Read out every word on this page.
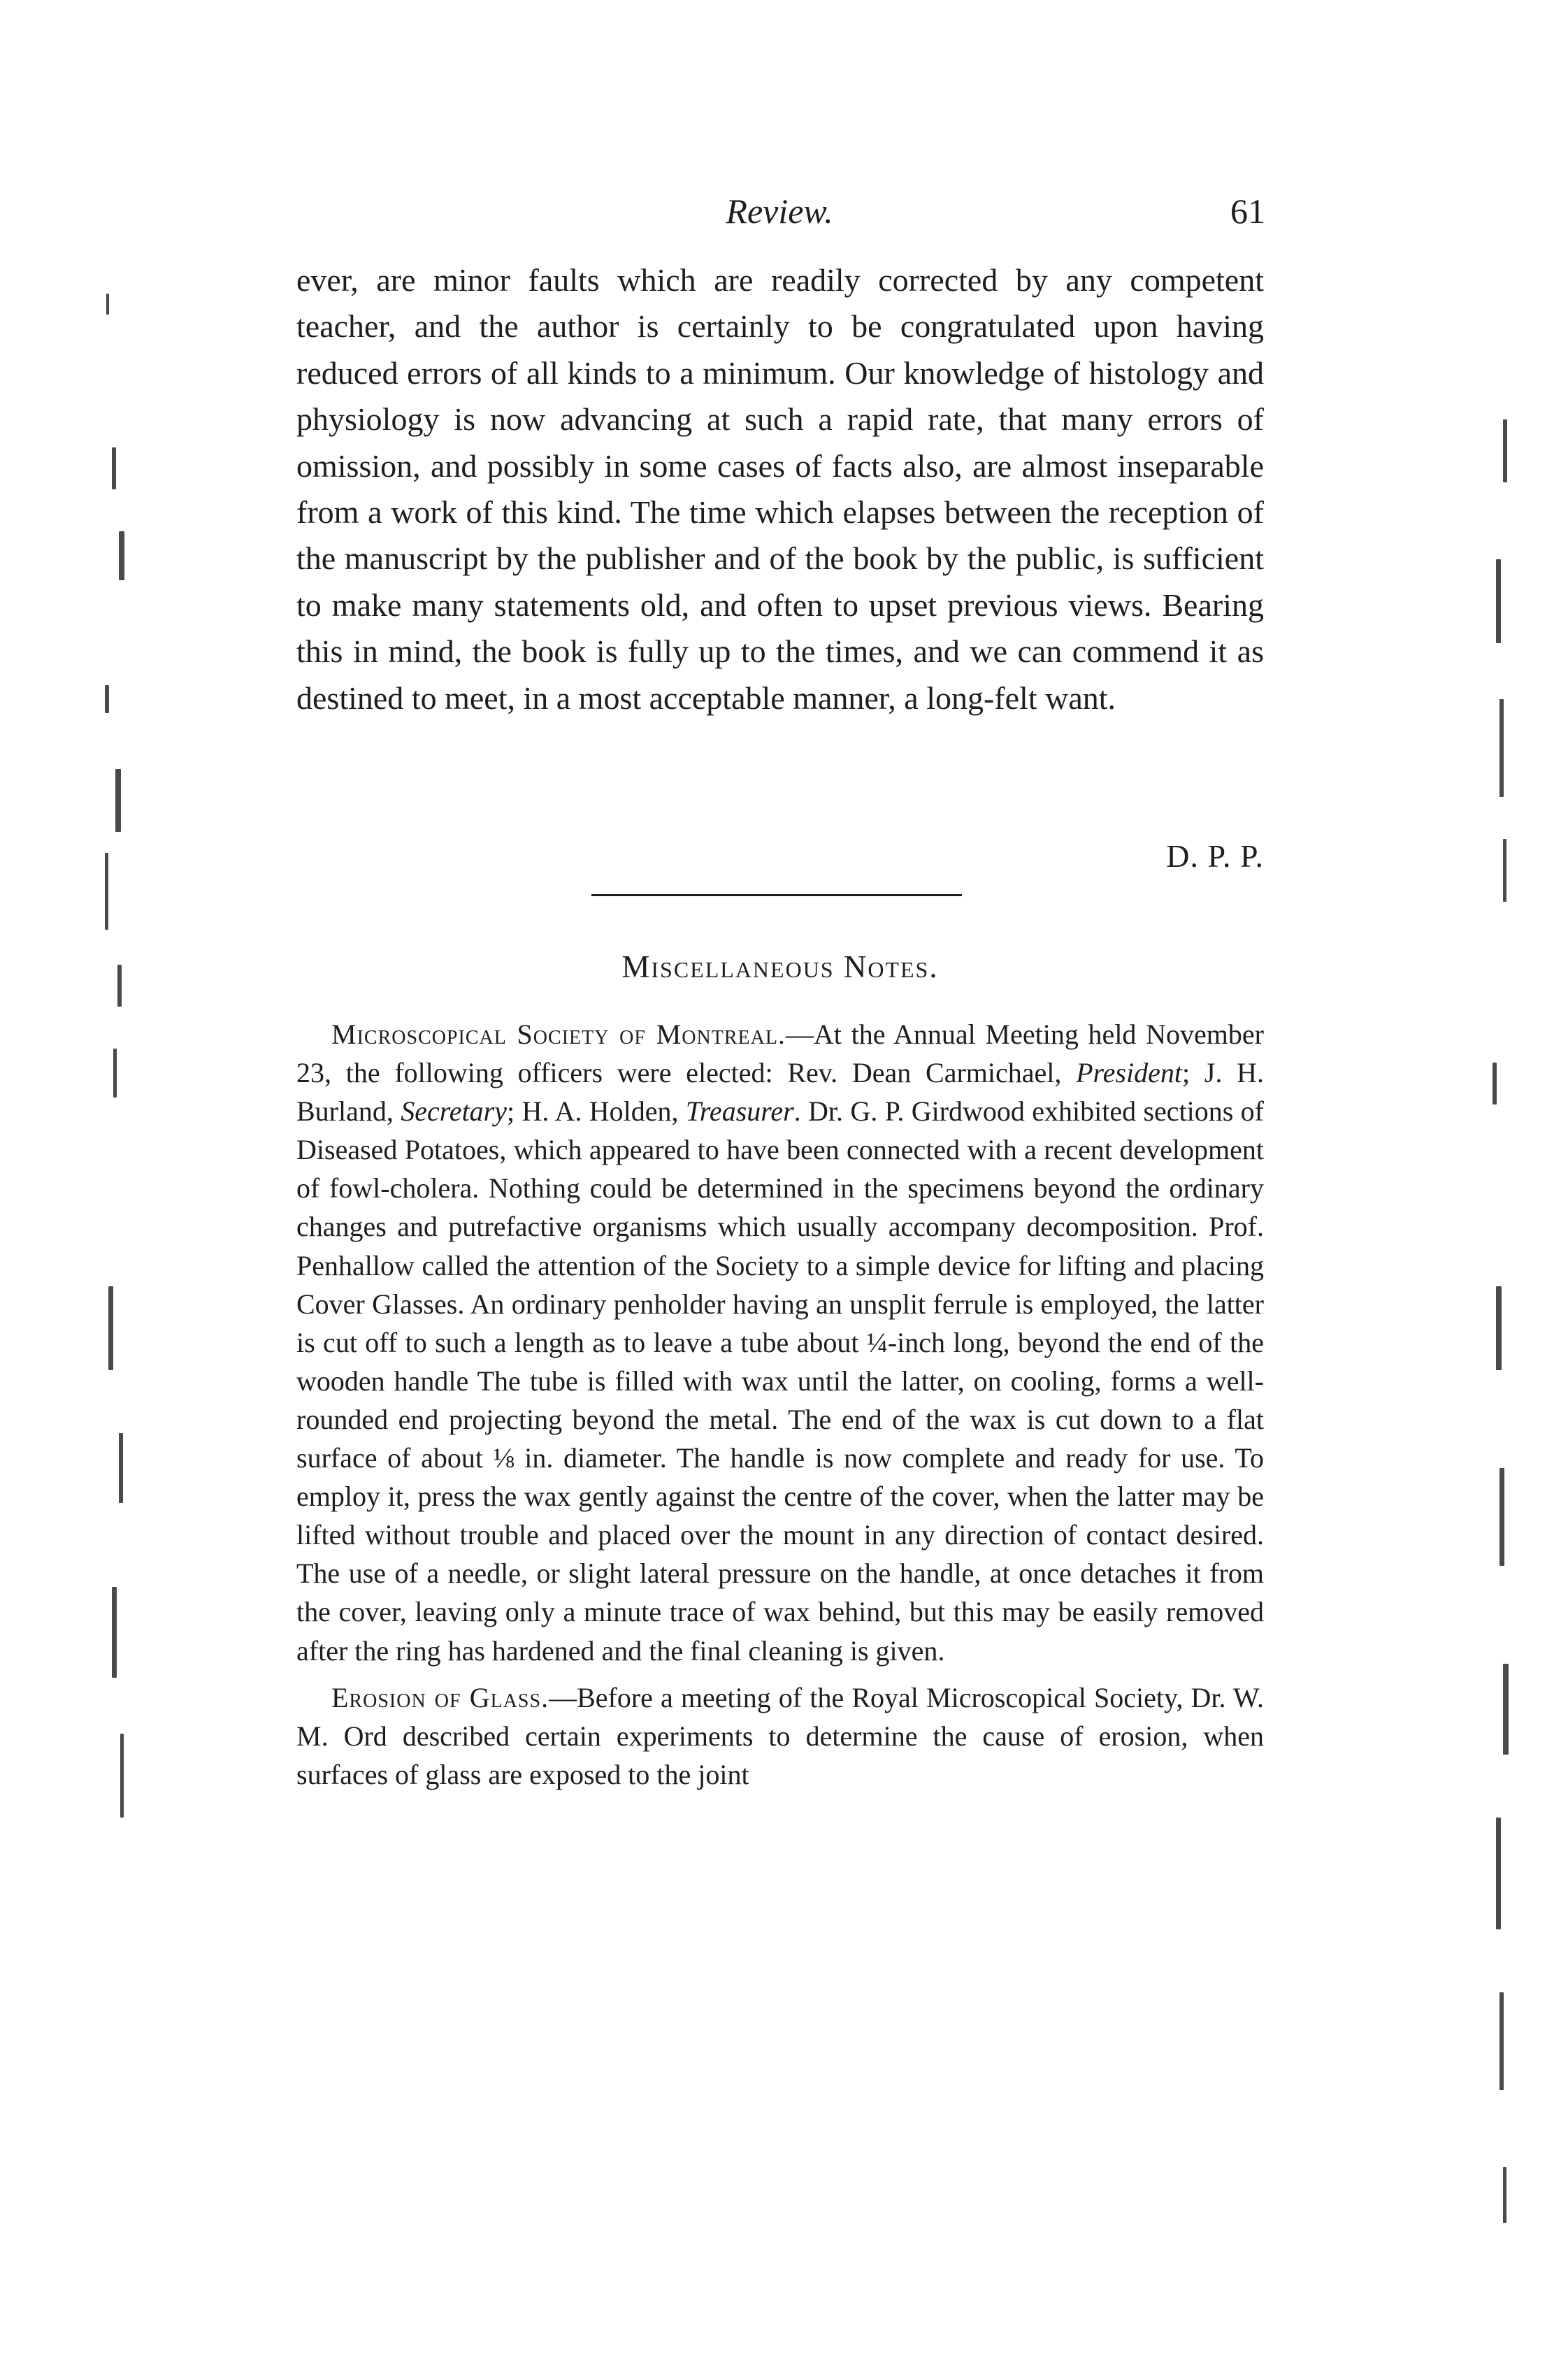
Review.	61

ever, are minor faults which are readily corrected by any competent teacher, and the author is certainly to be congratulated upon having reduced errors of all kinds to a minimum. Our knowledge of histology and physiology is now advancing at such a rapid rate, that many errors of omission, and possibly in some cases of facts also, are almost inseparable from a work of this kind. The time which elapses between the reception of the manuscript by the publisher and of the book by the public, is sufficient to make many statements old, and often to upset previous views. Bearing this in mind, the book is fully up to the times, and we can commend it as destined to meet, in a most acceptable manner, a long-felt want.

D. P. P.
Miscellaneous Notes.

Microscopical Society of Montreal.—At the Annual Meeting held November 23, the following officers were elected: Rev. Dean Carmichael, President; J. H. Burland, Secretary; H. A. Holden, Treasurer. Dr. G. P. Girdwood exhibited sections of Diseased Potatoes, which appeared to have been connected with a recent development of fowl-cholera. Nothing could be determined in the specimens beyond the ordinary changes and putrefactive organisms which usually accompany decomposition. Prof. Penhallow called the attention of the Society to a simple device for lifting and placing Cover Glasses. An ordinary penholder having an unsplit ferrule is employed, the latter is cut off to such a length as to leave a tube about ¼-inch long, beyond the end of the wooden handle The tube is filled with wax until the latter, on cooling, forms a well-rounded end projecting beyond the metal. The end of the wax is cut down to a flat surface of about ⅛ in. diameter. The handle is now complete and ready for use. To employ it, press the wax gently against the centre of the cover, when the latter may be lifted without trouble and placed over the mount in any direction of contact desired. The use of a needle, or slight lateral pressure on the handle, at once detaches it from the cover, leaving only a minute trace of wax behind, but this may be easily removed after the ring has hardened and the final cleaning is given.

Erosion of Glass.—Before a meeting of the Royal Microscopical Society, Dr. W. M. Ord described certain experiments to determine the cause of erosion, when surfaces of glass are exposed to the joint
